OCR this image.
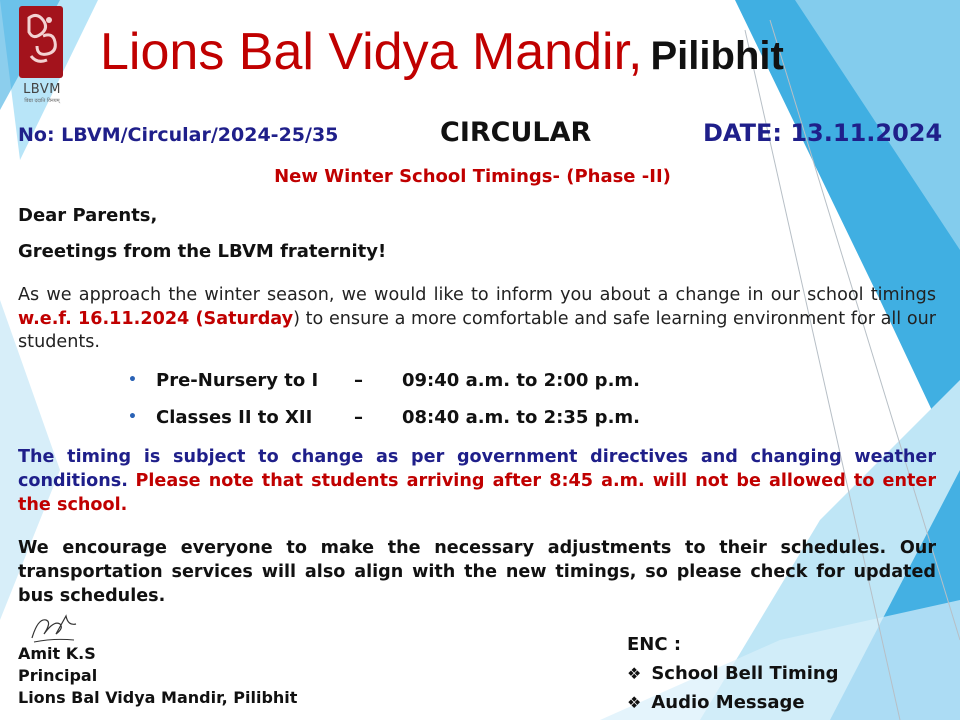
LBVM
विद्या ददाति विनयम्
Lions Bal Vidya Mandir, Pilibhit
No: LBVM/Circular/2024-25/35	CIRCULAR	DATE: 13.11.2024
New Winter School Timings- (Phase -II)
Dear Parents,
Greetings from the LBVM fraternity!
As we approach the winter season, we would like to inform you about a change in our school timings w.e.f. 16.11.2024 (Saturday) to ensure a more comfortable and safe learning environment for all our students.
• Pre-Nursery to I – 09:40 a.m. to 2:00 p.m.
• Classes II to XII – 08:40 a.m. to 2:35 p.m.
The timing is subject to change as per government directives and changing weather conditions. Please note that students arriving after 8:45 a.m. will not be allowed to enter the school.
We encourage everyone to make the necessary adjustments to their schedules. Our transportation services will also align with the new timings, so please check for updated bus schedules.
Amit K.S
Principal
Lions Bal Vidya Mandir, Pilibhit
ENC :
❖ School Bell Timing
❖ Audio Message
